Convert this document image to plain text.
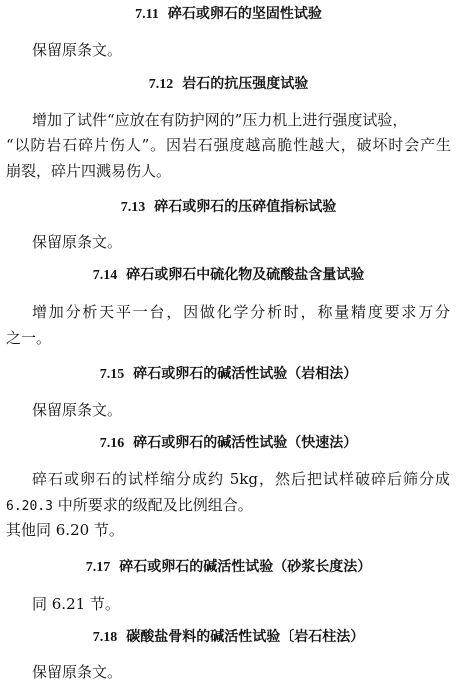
7.11 碎石或卵石的坚固性试验
保留原条文。
7.12 岩石的抗压强度试验
增加了试件“应放在有防护网的”压力机上进行强度试验，
“以防岩石碎片伤人”。因岩石强度越高脆性越大，破坏时会产生
崩裂，碎片四溅易伤人。
7.13 碎石或卵石的压碎值指标试验
保留原条文。
7.14 碎石或卵石中硫化物及硫酸盐含量试验
增加分析天平一台，因做化学分析时，称量精度要求万分
之一。
7.15 碎石或卵石的碱活性试验（岩相法）
保留原条文。
7.16 碎石或卵石的碱活性试验（快速法）
碎石或卵石的试样缩分成约 5kg，然后把试样破碎后筛分成
6.20.3 中所要求的级配及比例组合。
其他同 6.20 节。
7.17 碎石或卵石的碱活性试验（砂浆长度法）
同 6.21 节。
7.18 碳酸盐骨料的碱活性试验〔岩石柱法）
保留原条文。
